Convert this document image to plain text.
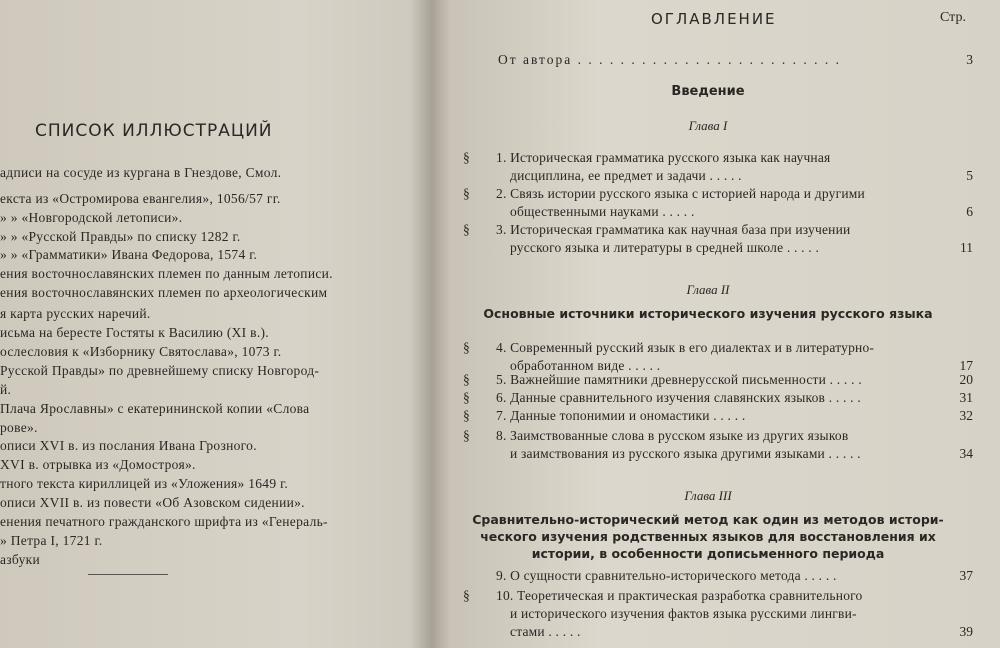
СПИСОК ИЛЛЮСТРАЦИЙ
адписи на сосуде из кургана в Гнездове, Смол.
екста из «Остромирова евангелия», 1056/57 гг.
» » «Новгородской летописи».
» » «Русской Правды» по списку 1282 г.
» » «Грамматики» Ивана Федорова, 1574 г.
ения восточнославянских племен по данным летописи.
ения восточнославянских племен по археологическим
я карта русских наречий.
исьма на бересте Гостяты к Василию (XI в.).
ослесловия к «Изборнику Святослава», 1073 г.
Русской Правды» по древнейшему списку Новгород-
й.
Плача Ярославны» с екатерининской копии «Слова
рове».
описи XVI в. из послания Ивана Грозного.
XVI в. отрывка из «Домостроя».
тного текста кириллицей из «Уложения» 1649 г.
описи XVII в. из повести «Об Азовском сидении».
енения печатного гражданского шрифта из «Генераль-
» Петра I, 1721 г.
азбуки
ОГЛАВЛЕНИЕ	Стр.
От автора . . . . . . . . . . . . . . . . . . . . . . . . .	3
Введение
Глава I
Глава II
Основные источники исторического изучения русского языка
Глава III
Сравнительно-исторический метод как один из методов истори-
ческого изучения родственных языков для восстановления их
истории, в особенности дописьменного периода
§ 1. Историческая грамматика русского языка как научная
дисциплина, ее предмет и задачи . . . . .	5
§ 2. Связь истории русского языка с историей народа и другими
общественными науками . . . . .	6
§ 3. Историческая грамматика как научная база при изучении
русского языка и литературы в средней школе . . . . .	11
§ 4. Современный русский язык в его диалектах и в литературно-
обработанном виде . . . . .	17
§ 5. Важнейшие памятники древнерусской письменности . . . . .	20
§ 6. Данные сравнительного изучения славянских языков . . . . .	31
§ 7. Данные топонимии и ономастики . . . . .	32
§ 8. Заимствованные слова в русском языке из других языков
и заимствования из русского языка другими языками . . . . .	34
9. О сущности сравнительно-исторического метода . . . . .	37
§ 10. Теоретическая и практическая разработка сравнительного
и исторического изучения фактов языка русскими лингви-
стами . . . . .	39
